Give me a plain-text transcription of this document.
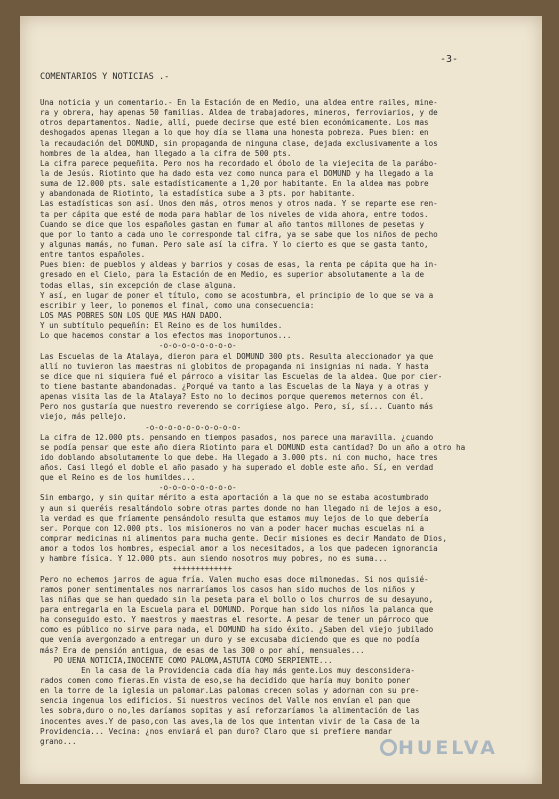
-3-
COMENTARIOS Y NOTICIAS .-
Una noticia y un comentario.- En la Estación de en Medio, una aldea entre railes, mine-
ra y obrera, hay apenas 50 familias. Aldea de trabajadores, mineros, ferroviarios, y de
otros departamentos. Nadie, allí, puede decirse que esté bien económicamente. Los mas
deshogados apenas llegan a lo que hoy día se llama una honesta pobreza. Pues bien: en
la recaudación del DOMUND, sin propaganda de ninguna clase, dejada exclusivamente a los
hombres de la aldea, han llegado a la cifra de 500 pts.
La cifra parece pequeñita. Pero nos ha recordado el óbolo de la viejecita de la parábo-
la de Jesús. Riotinto que ha dado esta vez como nunca para el DOMUND y ha llegado a la
suma de 12.000 pts. sale estadísticamente a 1,20 por habitante. En la aldea mas pobre
y abandonada de Riotinto, la estadística sube a 3 pts. por habitante.
Las estadísticas son así. Unos den más, otros menos y otros nada. Y se reparte ese ren-
ta per cápita que esté de moda para hablar de los niveles de vida ahora, entre todos.
Cuando se dice que los españoles gastan en fumar al año tantos millones de pesetas y
que por lo tanto a cada uno le corresponde tal cifra, ya se sabe que los niños de pecho
y algunas mamás, no fuman. Pero sale así la cifra. Y lo cierto es que se gasta tanto,
entre tantos españoles.
Pues bien: de pueblos y aldeas y barrios y cosas de esas, la renta pe cápita que ha in-
gresado en el Cielo, para la Estación de en Medio, es superior absolutamente a la de
todas ellas, sin excepción de clase alguna.
Y así, en lugar de poner el título, como se acostumbra, el principio de lo que se va a
escribir y leer, lo ponemos el final, como una consecuencia:
LOS MAS POBRES SON LOS QUE MAS HAN DADO.
Y un subtítulo pequeñín: El Reino es de los humildes.
Lo que hacemos constar a los efectos mas inoportunos...
-o-o-o-o-o-o-o-o-
Las Escuelas de la Atalaya, dieron para el DOMUND 300 pts. Resulta aleccionador ya que
allí no tuvieron las maestras ni globitos de propaganda ni insignias ni nada. Y hasta
se dice que ni siquiera fué el párroco a visitar las Escuelas de la aldea. Que por cier-
to tiene bastante abandonadas. ¿Porqué va tanto a las Escuelas de la Naya y a otras y
apenas visita las de la Atalaya? Esto no lo decimos porque queremos meternos con él.
Pero nos gustaría que nuestro reverendo se corrigiese algo. Pero, sí, sí... Cuanto más
viejo, más pellejo.
-o-o-o-o-o-o-o-o-o-o-
La cifra de 12.000 pts. pensando en tiempos pasados, nos parece una maravilla. ¿cuando
se podía pensar que este año diera Riotinto para el DOMUND esta cantidad? Do un año a otro ha
ido doblando absolutamente lo que debe. Ha llegado a 3.000 pts. ni con mucho, hace tres
años. Casi llegó el doble el año pasado y ha superado el doble este año. Sí, en verdad
que el Reino es de los humildes...
-o-o-o-o-o-o-o-o-
Sin embargo, y sin quitar mérito a esta aportación a la que no se estaba acostumbrado
y aun si queréis resaltándolo sobre otras partes donde no han llegado ni de lejos a eso,
la verdad es que fríamente pensándolo resulta que estamos muy lejos de lo que debería
ser. Porque con 12.000 pts. los misioneros no van a poder hacer muchas escuelas ni a
comprar medicinas ni alimentos para mucha gente. Decir misiones es decir Mandato de Dios,
amor a todos los hombres, especial amor a los necesitados, a los que padecen ignorancia
y hambre física. Y 12.000 pts. aun siendo nosotros muy pobres, no es suma...
+++++++++++++
Pero no echemos jarros de agua fría. Valen mucho esas doce milmonedas. Si nos quisié-
ramos poner sentimentales nos narraríamos los casos han sido muchos de los niños y
las niñas que se han quedado sin la peseta para el bollo o los churros de su desayuno,
para entregarla en la Escuela para el DOMUND. Porque han sido los niños la palanca que
ha conseguido esto. Y maestros y maestras el resorte. A pesar de tener un párroco que
como es público no sirve para nada, el DOMUND ha sido éxito. ¿Saben del viejo jubilado
que venía avergonzado a entregar un duro y se excusaba diciendo que es que no podía
más? Era de pensión antigua, de esas de las 300 o por ahí, mensuales...
PO UENA NOTICIA,INOCENTE COMO PALOMA,ASTUTA COMO SERPIENTE...
En la casa de la Providencia cada día hay más gente.Los muy desconsidera-
rados comen como fieras.En vista de eso,se ha decidido que haría muy bonito poner
en la torre de la iglesia un palomar.Las palomas crecen solas y adornan con su pre-
sencia ingenua los edificios. Si nuestros vecinos del Valle nos envían el pan que
les sobra,duro o no,les daríamos sopitas y así reforzaríamos la alimentación de las
inocentes aves.Y de paso,con las aves,la de los que intentan vivir de la Casa de la
Providencia... Vecina: ¿nos enviará el pan duro? Claro que si prefiere mandar
grano...	HUELVA
